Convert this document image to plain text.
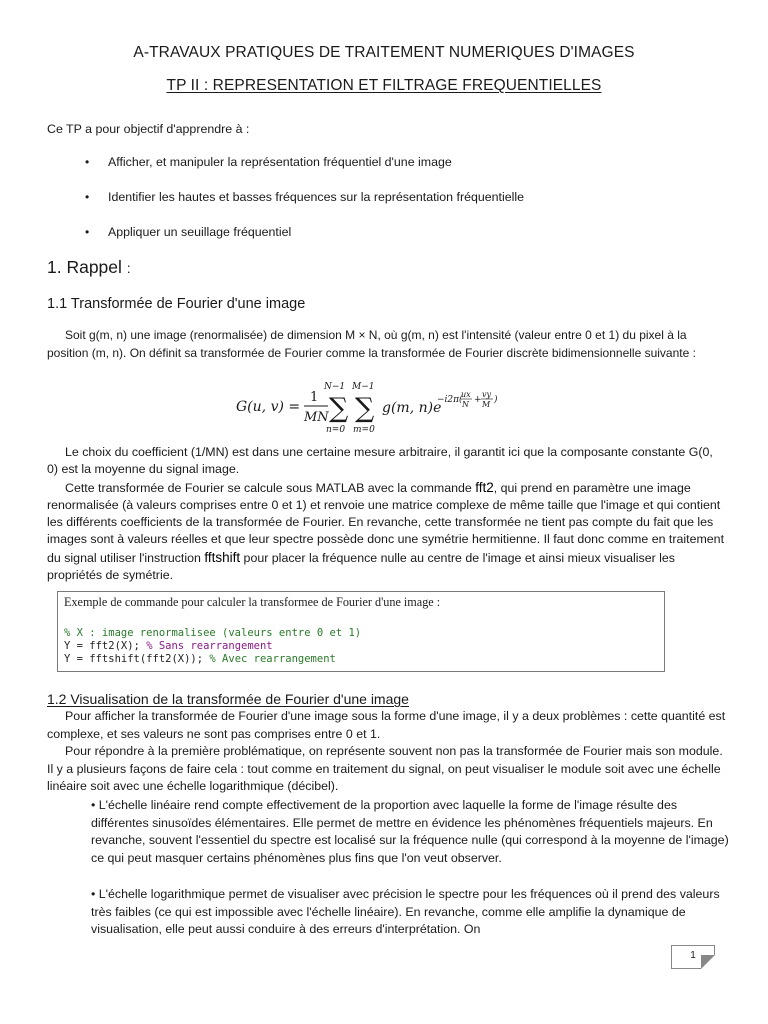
A-TRAVAUX PRATIQUES DE TRAITEMENT NUMERIQUES D'IMAGES
TP II : REPRESENTATION ET FILTRAGE FREQUENTIELLES
Ce TP a pour objectif d'apprendre à :
• Afficher, et manipuler la représentation fréquentiel d'une image
• Identifier les hautes et basses fréquences sur la représentation fréquentielle
• Appliquer un seuillage fréquentiel
1. Rappel :
1.1 Transformée de Fourier d'une image
Soit g(m, n) une image (renormalisée) de dimension M × N, où g(m, n) est l'intensité (valeur entre 0 et 1) du pixel à la position (m, n). On définit sa transformée de Fourier comme la transformée de Fourier discrète bidimensionnelle suivante :
G(u, v) =
1
MN
N−1
∑
n=0
M−1
∑
m=0
g(m, n)e
−i2π(
ux
N +
vy
M )
Le choix du coefficient (1/MN) est dans une certaine mesure arbitraire, il garantit ici que la composante constante G(0, 0) est la moyenne du signal image.
Cette transformée de Fourier se calcule sous MATLAB avec la commande fft2, qui prend en paramètre une image renormalisée (à valeurs comprises entre 0 et 1) et renvoie une matrice complexe de même taille que l'image et qui contient les différents coefficients de la transformée de Fourier. En revanche, cette transformée ne tient pas compte du fait que les images sont à valeurs réelles et que leur spectre possède donc une symétrie hermitienne. Il faut donc comme en traitement du signal utiliser l'instruction fftshift pour placer la fréquence nulle au centre de l'image et ainsi mieux visualiser les propriétés de symétrie.
Exemple de commande pour calculer la transformee de Fourier d'une image :
% X : image renormalisee (valeurs entre 0 et 1)
Y = fft2(X); % Sans rearrangement
Y = fftshift(fft2(X)); % Avec rearrangement
1.2 Visualisation de la transformée de Fourier d'une image
Pour afficher la transformée de Fourier d'une image sous la forme d'une image, il y a deux problèmes : cette quantité est complexe, et ses valeurs ne sont pas comprises entre 0 et 1.
Pour répondre à la première problématique, on représente souvent non pas la transformée de Fourier mais son module. Il y a plusieurs façons de faire cela : tout comme en traitement du signal, on peut visualiser le module soit avec une échelle linéaire soit avec une échelle logarithmique (décibel).
• L'échelle linéaire rend compte effectivement de la proportion avec laquelle la forme de l'image résulte des différentes sinusoïdes élémentaires. Elle permet de mettre en évidence les phénomènes fréquentiels majeurs. En revanche, souvent l'essentiel du spectre est localisé sur la fréquence nulle (qui correspond à la moyenne de l'image) ce qui peut masquer certains phénomènes plus fins que l'on veut observer.
• L'échelle logarithmique permet de visualiser avec précision le spectre pour les fréquences où il prend des valeurs très faibles (ce qui est impossible avec l'échelle linéaire). En revanche, comme elle amplifie la dynamique de visualisation, elle peut aussi conduire à des erreurs d'interprétation. On
1
